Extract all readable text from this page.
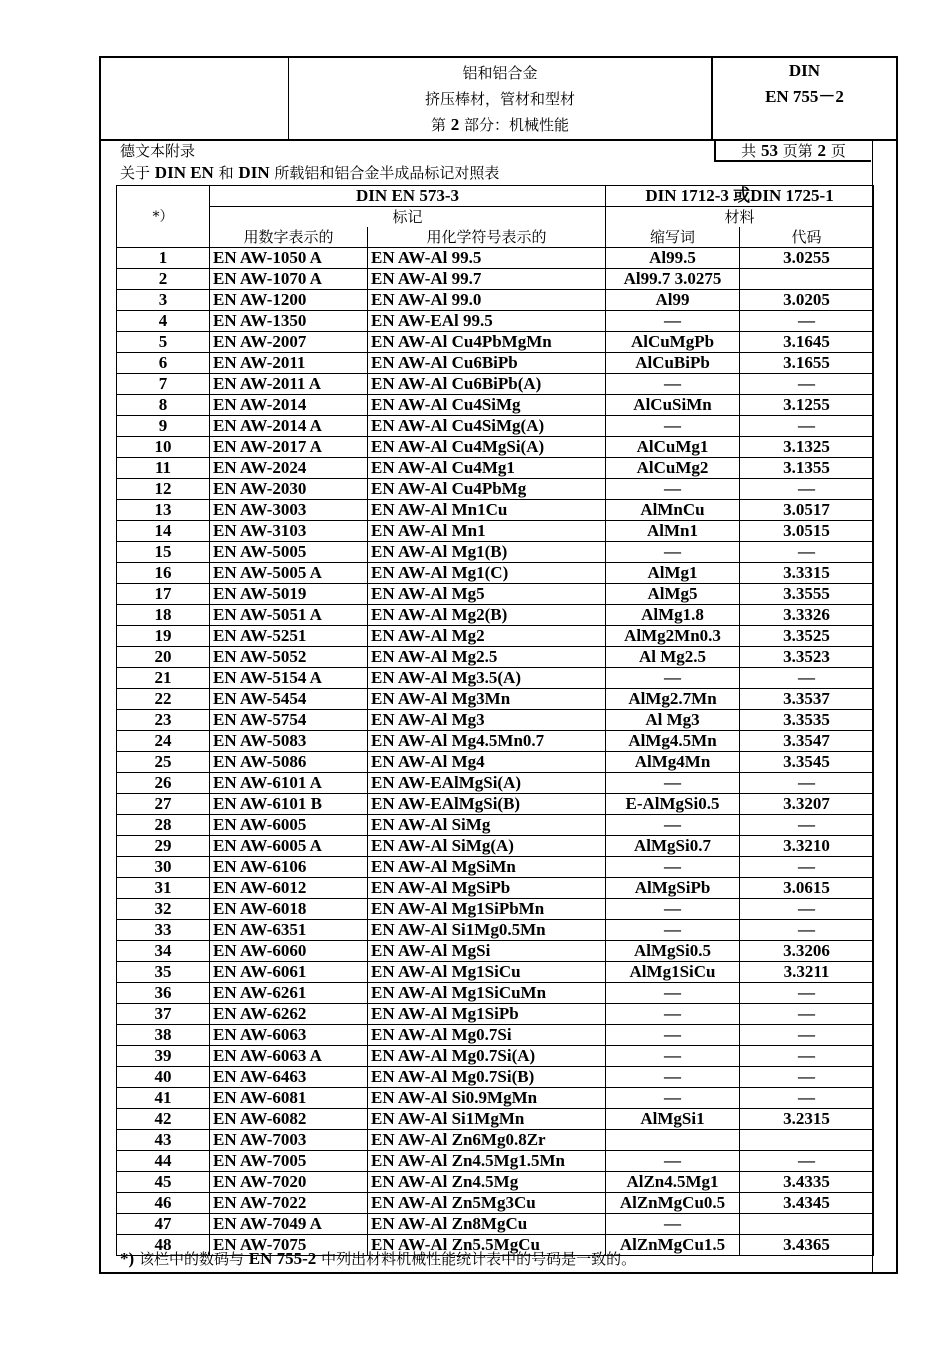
铝和铝合金
挤压棒材，管材和型材
第 2 部分：机械性能
DIN
EN 755－2
德文本附录	共 53 页第 2 页
关于 DIN EN 和 DIN 所载铝和铝合金半成品标记对照表
*）	DIN EN 573-3		DIN 1712-3 或DIN 1725-1	
	标记		材料	
	用数字表示的	用化学符号表示的	缩写词	代码
1	EN AW-1050 A	EN AW-Al 99.5	Al99.5	3.0255
2	EN AW-1070 A	EN AW-Al 99.7	Al99.7 3.0275	
3	EN AW-1200	EN AW-Al 99.0	Al99	3.0205
4	EN AW-1350	EN AW-EAl 99.5	—	—
5	EN AW-2007	EN AW-Al Cu4PbMgMn	AlCuMgPb	3.1645
6	EN AW-2011	EN AW-Al Cu6BiPb	AlCuBiPb	3.1655
7	EN AW-2011 A	EN AW-Al Cu6BiPb(A)	—	—
8	EN AW-2014	EN AW-Al Cu4SiMg	AlCuSiMn	3.1255
9	EN AW-2014 A	EN AW-Al Cu4SiMg(A)	—	—
10	EN AW-2017 A	EN AW-Al Cu4MgSi(A)	AlCuMg1	3.1325
11	EN AW-2024	EN AW-Al Cu4Mg1	AlCuMg2	3.1355
12	EN AW-2030	EN AW-Al Cu4PbMg	—	—
13	EN AW-3003	EN AW-Al Mn1Cu	AlMnCu	3.0517
14	EN AW-3103	EN AW-Al Mn1	AlMn1	3.0515
15	EN AW-5005	EN AW-Al Mg1(B)	—	—
16	EN AW-5005 A	EN AW-Al Mg1(C)	AlMg1	3.3315
17	EN AW-5019	EN AW-Al Mg5	AlMg5	3.3555
18	EN AW-5051 A	EN AW-Al Mg2(B)	AlMg1.8	3.3326
19	EN AW-5251	EN AW-Al Mg2	AlMg2Mn0.3	3.3525
20	EN AW-5052	EN AW-Al Mg2.5	Al Mg2.5	3.3523
21	EN AW-5154 A	EN AW-Al Mg3.5(A)	—	—
22	EN AW-5454	EN AW-Al Mg3Mn	AlMg2.7Mn	3.3537
23	EN AW-5754	EN AW-Al Mg3	Al Mg3	3.3535
24	EN AW-5083	EN AW-Al Mg4.5Mn0.7	AlMg4.5Mn	3.3547
25	EN AW-5086	EN AW-Al Mg4	AlMg4Mn	3.3545
26	EN AW-6101 A	EN AW-EAlMgSi(A)	—	—
27	EN AW-6101 B	EN AW-EAlMgSi(B)	E-AlMgSi0.5	3.3207
28	EN AW-6005	EN AW-Al SiMg	—	—
29	EN AW-6005 A	EN AW-Al SiMg(A)	AlMgSi0.7	3.3210
30	EN AW-6106	EN AW-Al MgSiMn	—	—
31	EN AW-6012	EN AW-Al MgSiPb	AlMgSiPb	3.0615
32	EN AW-6018	EN AW-Al Mg1SiPbMn	—	—
33	EN AW-6351	EN AW-Al Si1Mg0.5Mn	—	—
34	EN AW-6060	EN AW-Al MgSi	AlMgSi0.5	3.3206
35	EN AW-6061	EN AW-Al Mg1SiCu	AlMg1SiCu	3.3211
36	EN AW-6261	EN AW-Al Mg1SiCuMn	—	—
37	EN AW-6262	EN AW-Al Mg1SiPb	—	—
38	EN AW-6063	EN AW-Al Mg0.7Si	—	—
39	EN AW-6063 A	EN AW-Al Mg0.7Si(A)	—	—
40	EN AW-6463	EN AW-Al Mg0.7Si(B)	—	—
41	EN AW-6081	EN AW-Al Si0.9MgMn	—	—
42	EN AW-6082	EN AW-Al Si1MgMn	AlMgSi1	3.2315
43	EN AW-7003	EN AW-Al Zn6Mg0.8Zr		
44	EN AW-7005	EN AW-Al Zn4.5Mg1.5Mn	—	—
45	EN AW-7020	EN AW-Al Zn4.5Mg	AlZn4.5Mg1	3.4335
46	EN AW-7022	EN AW-Al Zn5Mg3Cu	AlZnMgCu0.5	3.4345
47	EN AW-7049 A	EN AW-Al Zn8MgCu	—	
48	EN AW-7075	EN AW-Al Zn5.5MgCu	AlZnMgCu1.5	3.4365
*) 该栏中的数码与 EN 755-2 中列出材料机械性能统计表中的号码是一致的。
